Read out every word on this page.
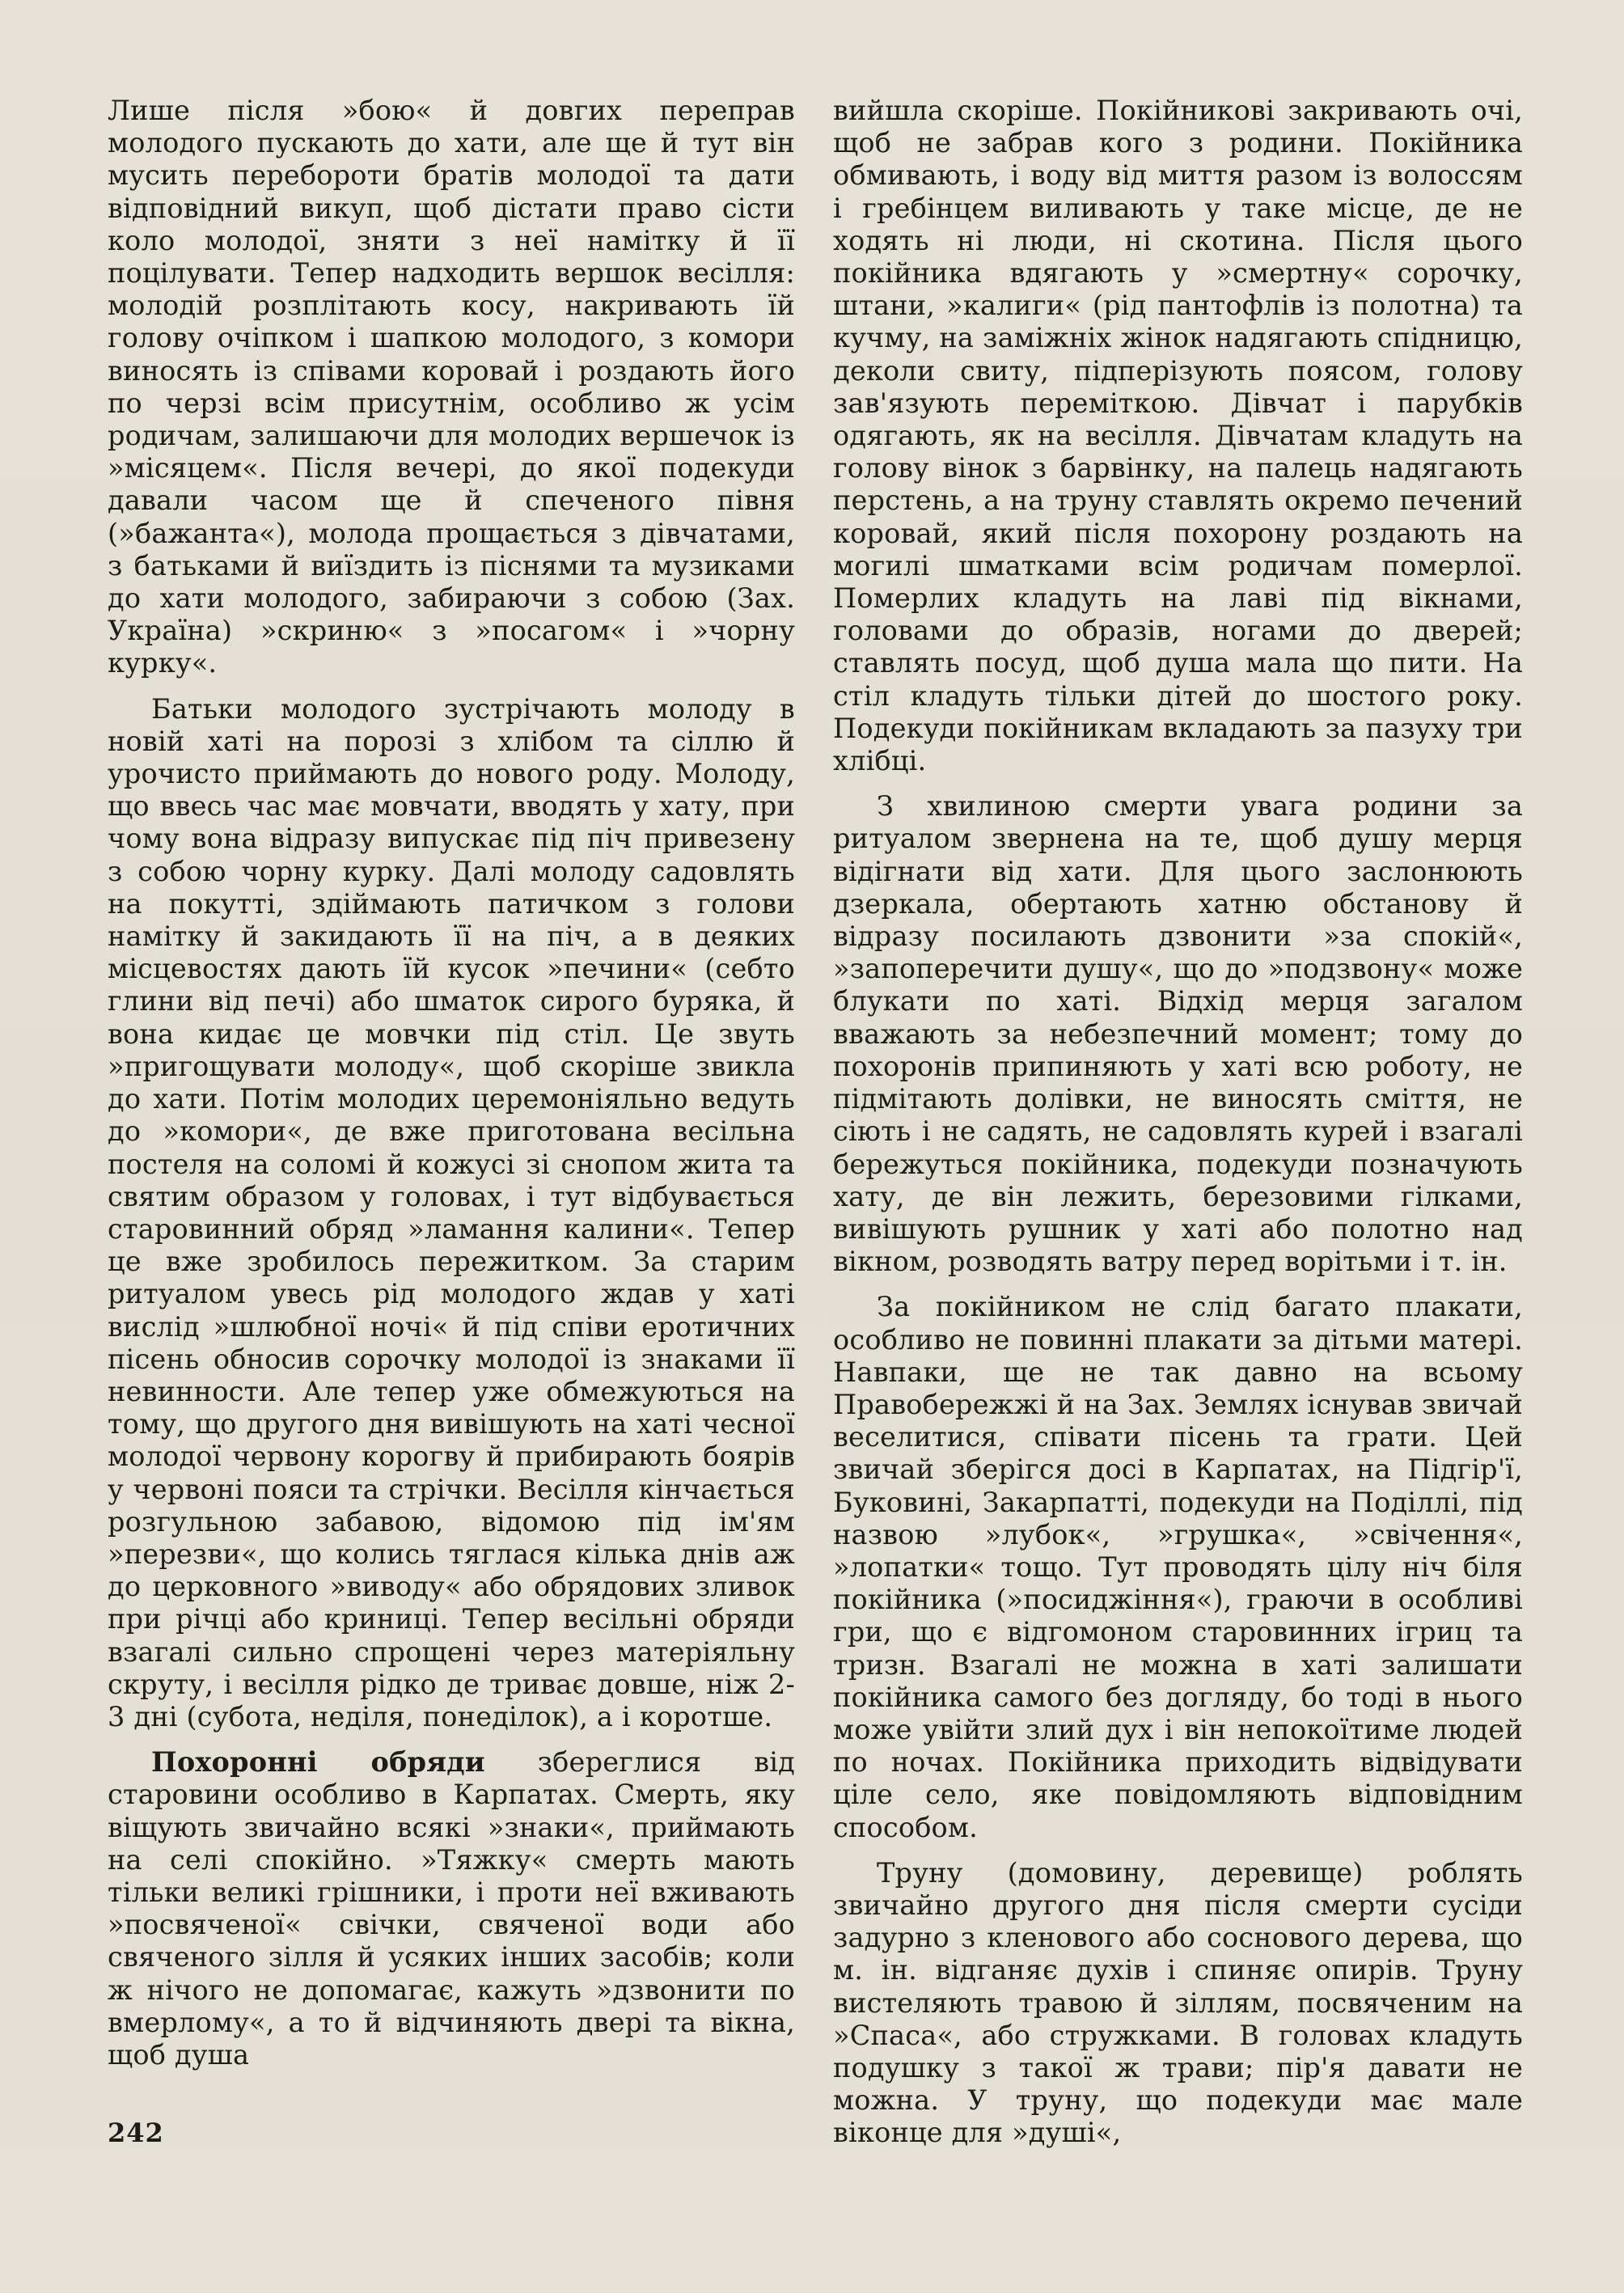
Лише після »бою« й довгих переправ молодого пускають до хати, але ще й тут він мусить перебороти братів молодої та дати відповідний викуп, щоб дістати право сісти коло молодої, зняти з неї намітку й її поцілувати. Тепер надходить вершок весілля: молодій розплітають косу, накривають їй голову очіпком і шапкою молодого, з комори виносять із співами коровай і роздають його по черзі всім присутнім, особливо ж усім родичам, залишаючи для молодих вершечок із »місяцем«. Після вечері, до якої подекуди давали часом ще й спеченого півня (»бажанта«), молода прощається з дівчатами, з батьками й виїздить із піснями та музиками до хати молодого, забираючи з собою (Зах. Україна) »скриню« з »посагом« і »чорну курку«.

Батьки молодого зустрічають молоду в новій хаті на порозі з хлібом та сіллю й урочисто приймають до нового роду. Молоду, що ввесь час має мовчати, вводять у хату, при чому вона відразу випускає під піч привезену з собою чорну курку. Далі молоду садовлять на покутті, здіймають патичком з голови намітку й закидають її на піч, а в деяких місцевостях дають їй кусок »печини« (себто глини від печі) або шматок сирого буряка, й вона кидає це мовчки під стіл. Це звуть »пригощувати молоду«, щоб скоріше звикла до хати. Потім молодих церемоніяльно ведуть до »комори«, де вже приготована весільна постеля на соломі й кожусі зі снопом жита та святим образом у головах, і тут відбувається старовинний обряд »ламання калини«. Тепер це вже зробилось пережитком. За старим ритуалом увесь рід молодого ждав у хаті вислід »шлюбної ночі« й під співи еротичних пісень обносив сорочку молодої із знаками її невинности. Але тепер уже обмежуються на тому, що другого дня вивішують на хаті чесної молодої червону корогву й прибирають боярів у червоні пояси та стрічки. Весілля кінчається розгульною забавою, відомою під ім'ям »перезви«, що колись тяглася кілька днів аж до церковного »виводу« або обрядових зливок при річці або криниці. Тепер весільні обряди взагалі сильно спрощені через матеріяльну скруту, і весілля рідко де триває довше, ніж 2-3 дні (субота, неділя, понеділок), а і коротше.

Похоронні обряди збереглися від старовини особливо в Карпатах. Смерть, яку віщують звичайно всякі »знаки«, приймають на селі спокійно. »Тяжку« смерть мають тільки великі грішники, і проти неї вживають »посвяченої« свічки, свяченої води або свяченого зілля й усяких інших засобів; коли ж нічого не допомагає, кажуть »дзвонити по вмерлому«, а то й відчиняють двері та вікна, щоб душа

вийшла скоріше. Покійникові закривають очі, щоб не забрав кого з родини. Покійника обмивають, і воду від миття разом із волоссям і гребінцем виливають у таке місце, де не ходять ні люди, ні скотина. Після цього покійника вдягають у »смертну« сорочку, штани, »калиги« (рід пантофлів із полотна) та кучму, на заміжніх жінок надягають спідницю, деколи свиту, підперізують поясом, голову зав'язують переміткою. Дівчат і парубків одягають, як на весілля. Дівчатам кладуть на голову вінок з барвінку, на палець надягають перстень, а на труну ставлять окремо печений коровай, який після похорону роздають на могилі шматками всім родичам померлої. Померлих кладуть на лаві під вікнами, головами до образів, ногами до дверей; ставлять посуд, щоб душа мала що пити. На стіл кладуть тільки дітей до шостого року. Подекуди покійникам вкладають за пазуху три хлібці.

З хвилиною смерти увага родини за ритуалом звернена на те, щоб душу мерця відігнати від хати. Для цього заслонюють дзеркала, обертають хатню обстанову й відразу посилають дзвонити »за спокій«, »запоперечити душу«, що до »подзвону« може блукати по хаті. Відхід мерця загалом вважають за небезпечний момент; тому до похоронів припиняють у хаті всю роботу, не підмітають долівки, не виносять сміття, не сіють і не садять, не садовлять курей і взагалі бережуться покійника, подекуди позначують хату, де він лежить, березовими гілками, вивішують рушник у хаті або полотно над вікном, розводять ватру перед ворітьми і т. ін.

За покійником не слід багато плакати, особливо не повинні плакати за дітьми матері. Навпаки, ще не так давно на всьому Правобережжі й на Зах. Землях існував звичай веселитися, співати пісень та грати. Цей звичай зберігся досі в Карпатах, на Підгір'ї, Буковині, Закарпатті, подекуди на Поділлі, під назвою »лубок«, »грушка«, »свічення«, »лопатки« тощо. Тут проводять цілу ніч біля покійника (»посиджіння«), граючи в особливі гри, що є відгомоном старовинних ігриц та тризн. Взагалі не можна в хаті залишати покійника самого без догляду, бо тоді в нього може увійти злий дух і він непокоїтиме людей по ночах. Покійника приходить відвідувати ціле село, яке повідомляють відповідним способом.

Труну (домовину, деревище) роблять звичайно другого дня після смерти сусіди задурно з кленового або соснового дерева, що м. ін. відганяє духів і спиняє опирів. Труну вистеляють травою й зіллям, посвяченим на »Спаса«, або стружками. В головах кладуть подушку з такої ж трави; пір'я давати не можна. У труну, що подекуди має мале віконце для »душі«,

242
